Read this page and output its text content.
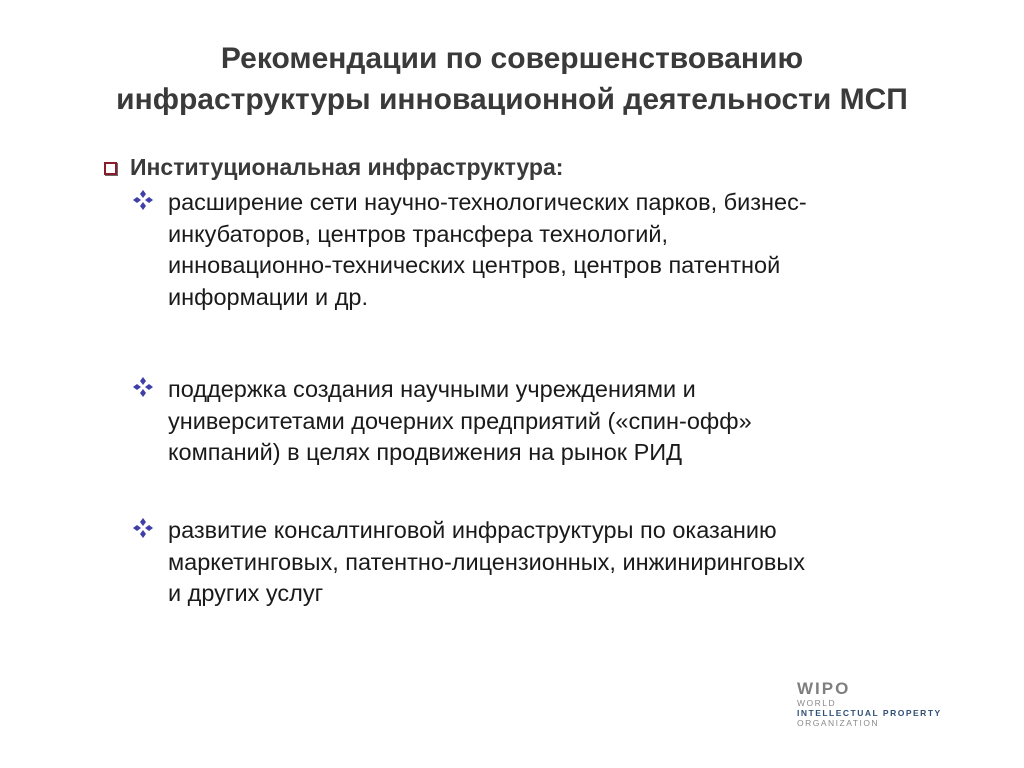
Рекомендации по совершенствованию
инфраструктуры инновационной деятельности МСП
Институциональная инфраструктура:
расширение сети научно-технологических парков, бизнес-
инкубаторов, центров трансфера технологий,
инновационно-технических центров, центров патентной
информации и др.
поддержка создания научными учреждениями и
университетами дочерних предприятий («спин-офф»
компаний) в целях продвижения на рынок РИД
развитие консалтинговой инфраструктуры по оказанию
маркетинговых, патентно-лицензионных, инжиниринговых
и других услуг
WIPO
WORLD
INTELLECTUAL PROPERTY
ORGANIZATION
